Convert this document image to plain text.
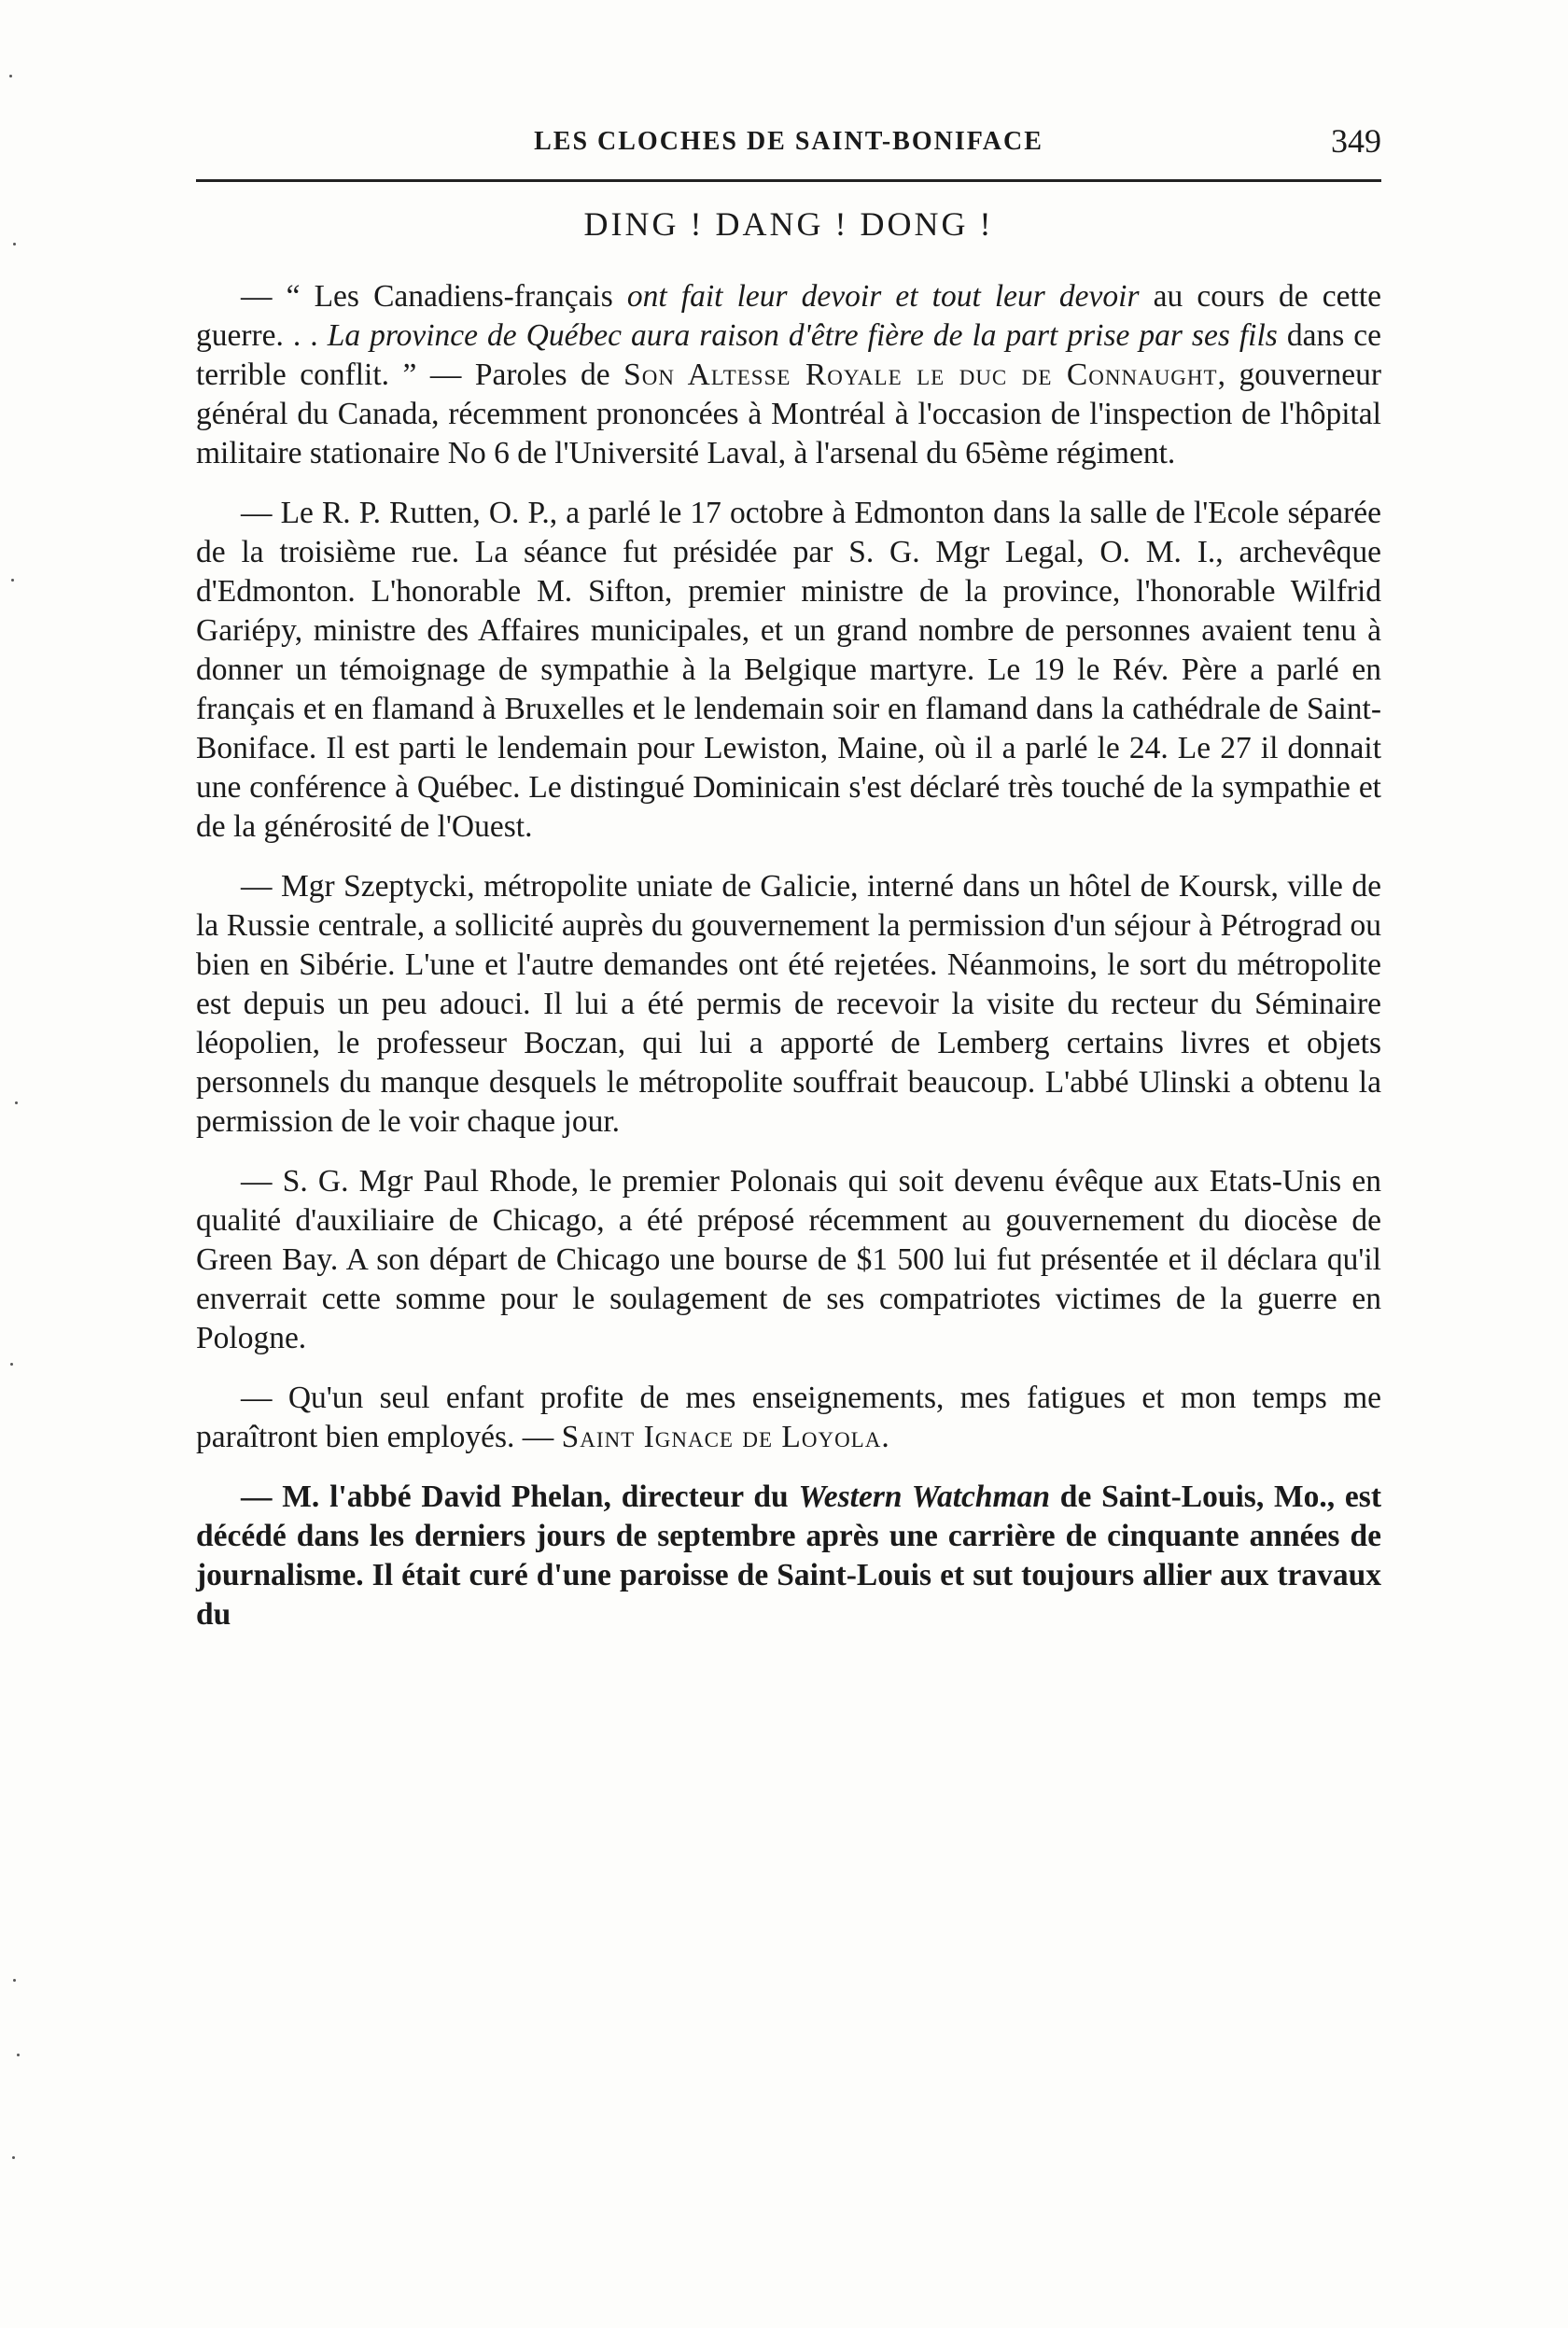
LES CLOCHES DE SAINT-BONIFACE	349
DING ! DANG ! DONG !

— “ Les Canadiens-français ont fait leur devoir et tout leur devoir au cours de cette guerre. . . La province de Québec aura raison d'être fière de la part prise par ses fils dans ce terrible conflit. ” — Paroles de Son Altesse Royale le duc de Connaught, gouverneur général du Canada, récemment prononcées à Montréal à l'occasion de l'inspection de l'hôpital militaire stationaire No 6 de l'Université Laval, à l'arsenal du 65ème régiment.

— Le R. P. Rutten, O. P., a parlé le 17 octobre à Edmonton dans la salle de l'Ecole séparée de la troisième rue. La séance fut présidée par S. G. Mgr Legal, O. M. I., archevêque d'Edmonton. L'honorable M. Sifton, premier ministre de la province, l'honorable Wilfrid Gariépy, ministre des Affaires municipales, et un grand nombre de personnes avaient tenu à donner un témoignage de sympathie à la Belgique martyre. Le 19 le Rév. Père a parlé en français et en flamand à Bruxelles et le lendemain soir en flamand dans la cathédrale de Saint-Boniface. Il est parti le lendemain pour Lewiston, Maine, où il a parlé le 24. Le 27 il donnait une conférence à Québec. Le distingué Dominicain s'est déclaré très touché de la sympathie et de la générosité de l'Ouest.

— Mgr Szeptycki, métropolite uniate de Galicie, interné dans un hôtel de Koursk, ville de la Russie centrale, a sollicité auprès du gouvernement la permission d'un séjour à Pétrograd ou bien en Sibérie. L'une et l'autre demandes ont été rejetées. Néanmoins, le sort du métropolite est depuis un peu adouci. Il lui a été permis de recevoir la visite du recteur du Séminaire léopolien, le professeur Boczan, qui lui a apporté de Lemberg certains livres et objets personnels du manque desquels le métropolite souffrait beaucoup. L'abbé Ulinski a obtenu la permission de le voir chaque jour.

— S. G. Mgr Paul Rhode, le premier Polonais qui soit devenu évêque aux Etats-Unis en qualité d'auxiliaire de Chicago, a été préposé récemment au gouvernement du diocèse de Green Bay. A son départ de Chicago une bourse de $1 500 lui fut présentée et il déclara qu'il enverrait cette somme pour le soulagement de ses compatriotes victimes de la guerre en Pologne.

— Qu'un seul enfant profite de mes enseignements, mes fatigues et mon temps me paraîtront bien employés. — Saint Ignace de Loyola.

— M. l'abbé David Phelan, directeur du Western Watchman de Saint-Louis, Mo., est décédé dans les derniers jours de septembre après une carrière de cinquante années de journalisme. Il était curé d'une paroisse de Saint-Louis et sut toujours allier aux travaux du
